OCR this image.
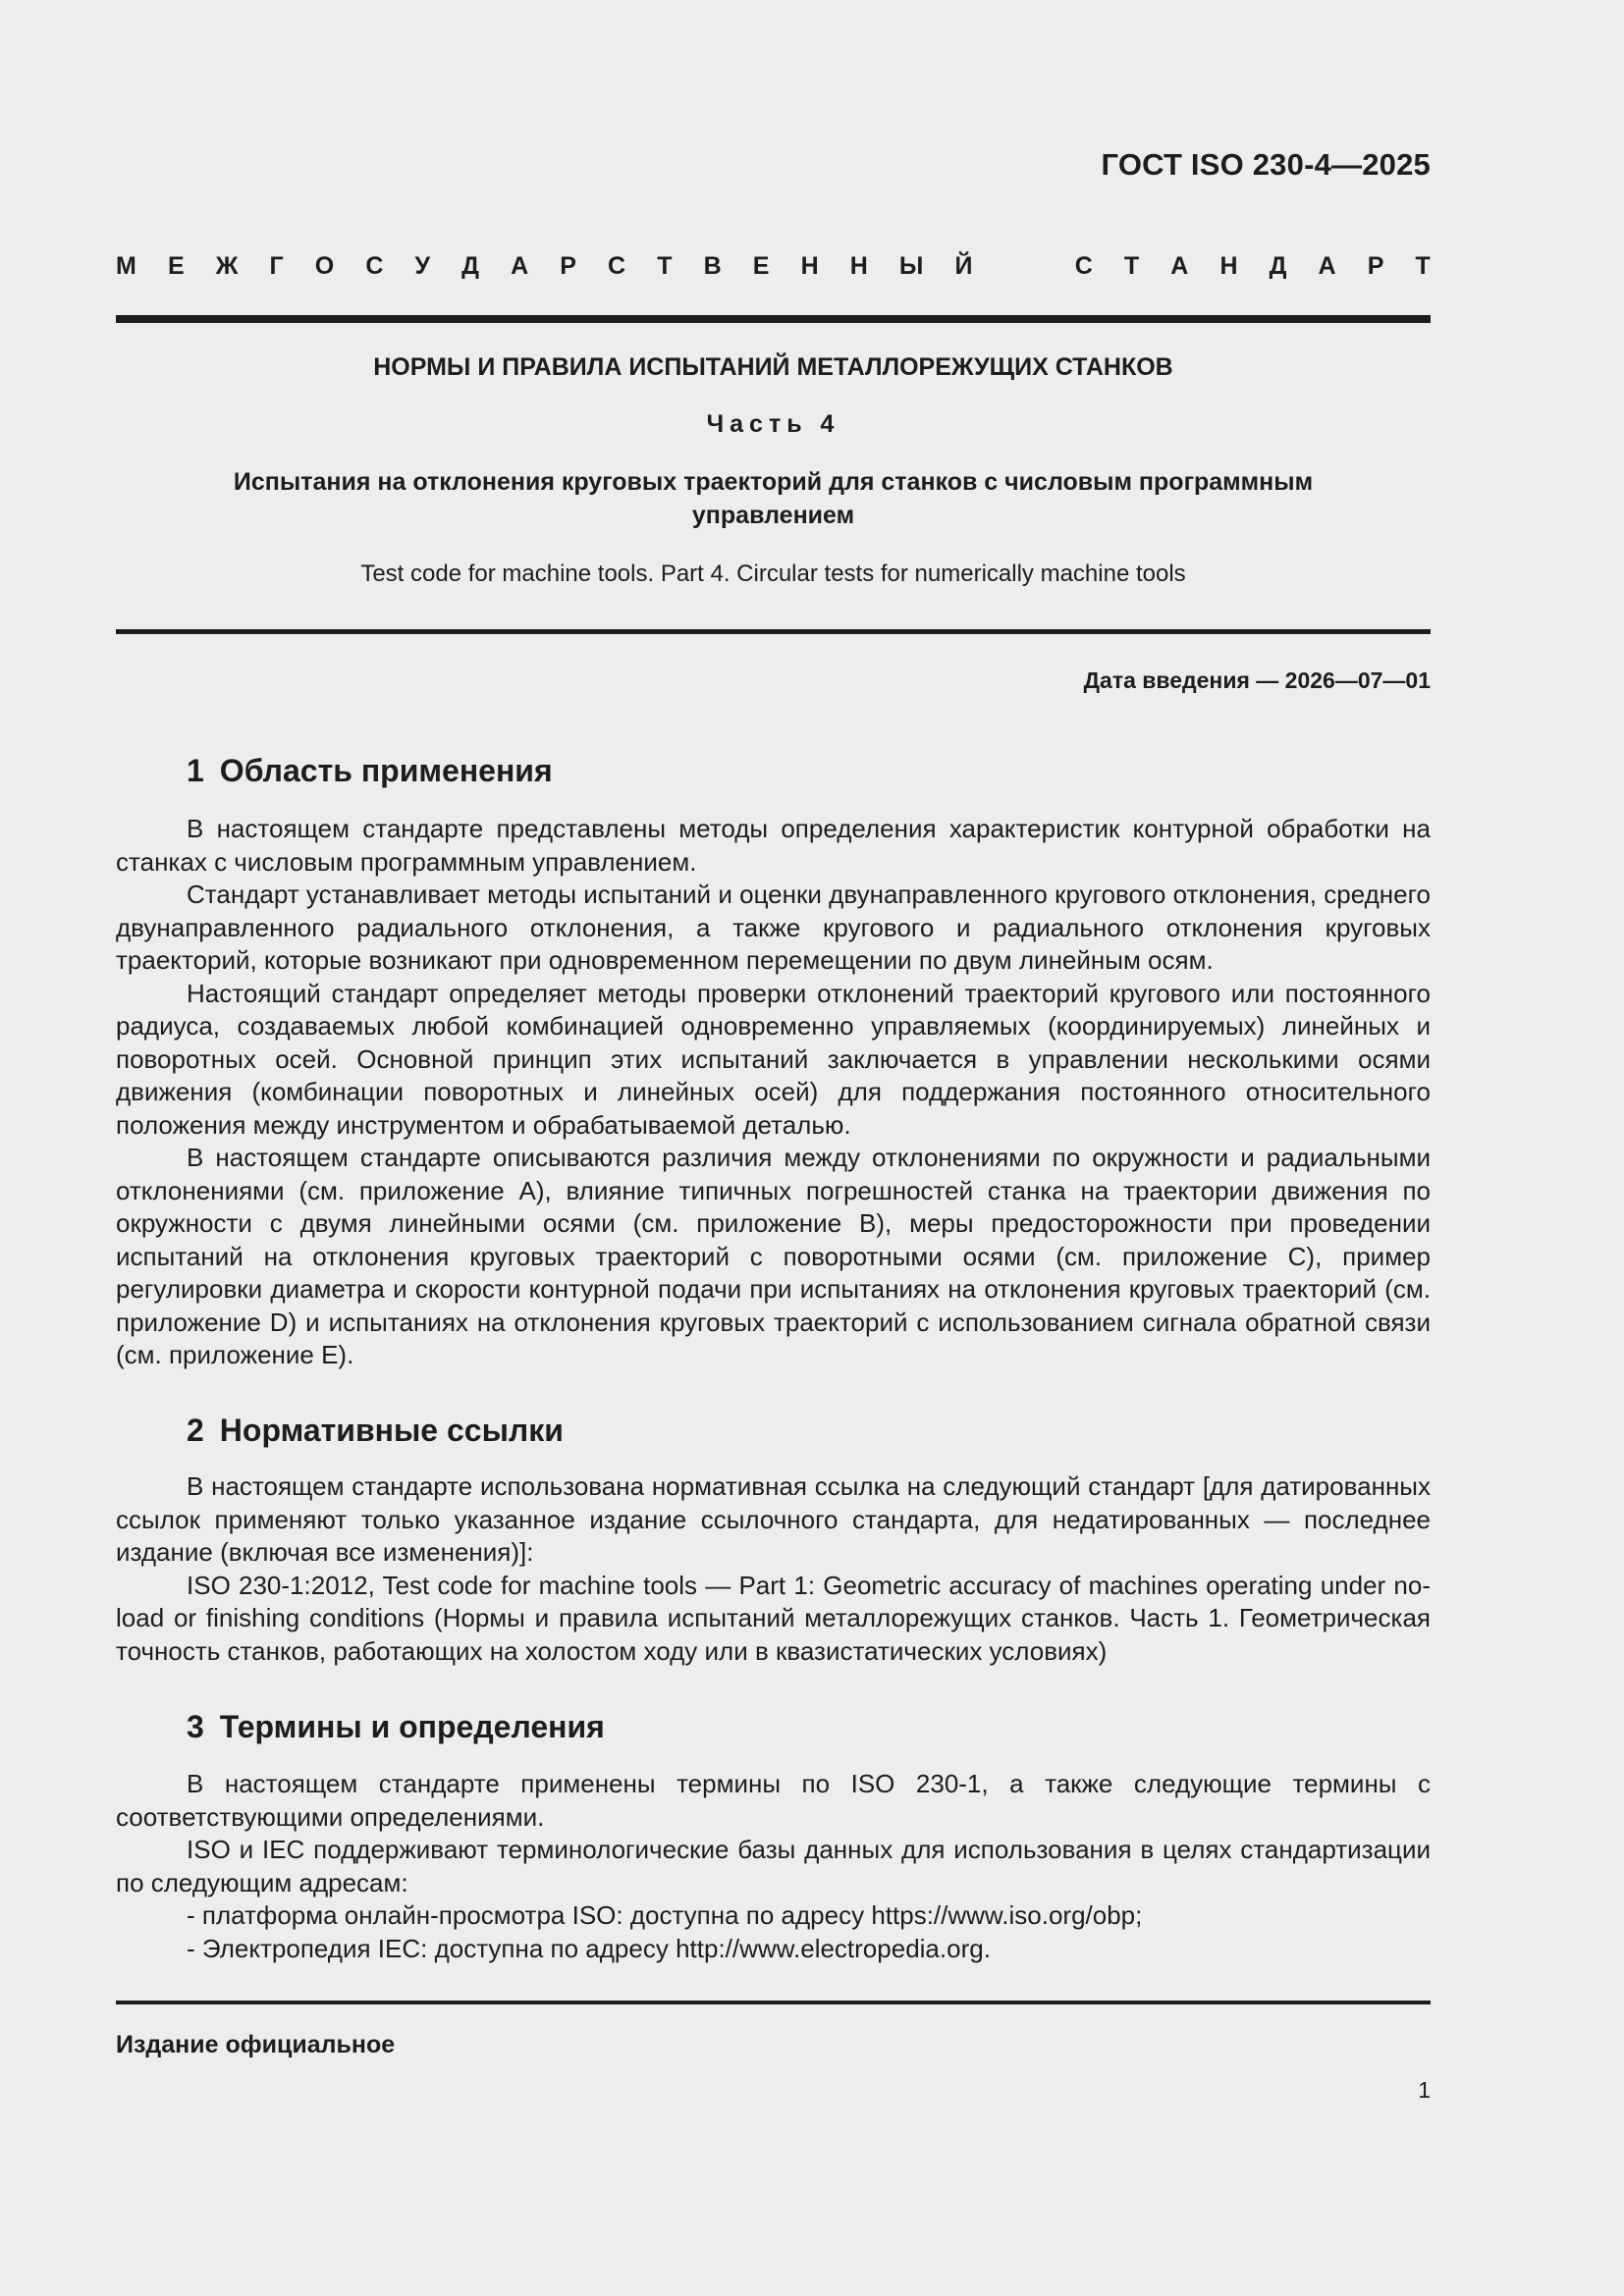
ГОСТ ISO 230-4—2025
М Е Ж Г О С У Д А Р С Т В Е Н Н Ы Й	С Т А Н Д А Р Т
НОРМЫ И ПРАВИЛА ИСПЫТАНИЙ МЕТАЛЛОРЕЖУЩИХ СТАНКОВ
Часть 4
Испытания на отклонения круговых траекторий для станков с числовым программным управлением
Test code for machine tools. Part 4. Circular tests for numerically machine tools
Дата введения — 2026—07—01
1 Область применения

В настоящем стандарте представлены методы определения характеристик контурной обработки на станках с числовым программным управлением.

Стандарт устанавливает методы испытаний и оценки двунаправленного кругового отклонения, среднего двунаправленного радиального отклонения, а также кругового и радиального отклонения круговых траекторий, которые возникают при одновременном перемещении по двум линейным осям.

Настоящий стандарт определяет методы проверки отклонений траекторий кругового или постоянного радиуса, создаваемых любой комбинацией одновременно управляемых (координируемых) линейных и поворотных осей. Основной принцип этих испытаний заключается в управлении несколькими осями движения (комбинации поворотных и линейных осей) для поддержания постоянного относительного положения между инструментом и обрабатываемой деталью.

В настоящем стандарте описываются различия между отклонениями по окружности и радиальными отклонениями (см. приложение А), влияние типичных погрешностей станка на траектории движения по окружности с двумя линейными осями (см. приложение В), меры предосторожности при проведении испытаний на отклонения круговых траекторий с поворотными осями (см. приложение С), пример регулировки диаметра и скорости контурной подачи при испытаниях на отклонения круговых траекторий (см. приложение D) и испытаниях на отклонения круговых траекторий с использованием сигнала обратной связи (см. приложение Е).

2 Нормативные ссылки

В настоящем стандарте использована нормативная ссылка на следующий стандарт [для датированных ссылок применяют только указанное издание ссылочного стандарта, для недатированных — последнее издание (включая все изменения)]:

ISO 230-1:2012, Test code for machine tools — Part 1: Geometric accuracy of machines operating under no-load or finishing conditions (Нормы и правила испытаний металлорежущих станков. Часть 1. Геометрическая точность станков, работающих на холостом ходу или в квазистатических условиях)

3 Термины и определения

В настоящем стандарте применены термины по ISO 230-1, а также следующие термины с соответствующими определениями.

ISO и IEC поддерживают терминологические базы данных для использования в целях стандартизации по следующим адресам:

- платформа онлайн-просмотра ISO: доступна по адресу https://www.iso.org/obp;

- Электропедия IEC: доступна по адресу http://www.electropedia.org.

Издание официальное
1
